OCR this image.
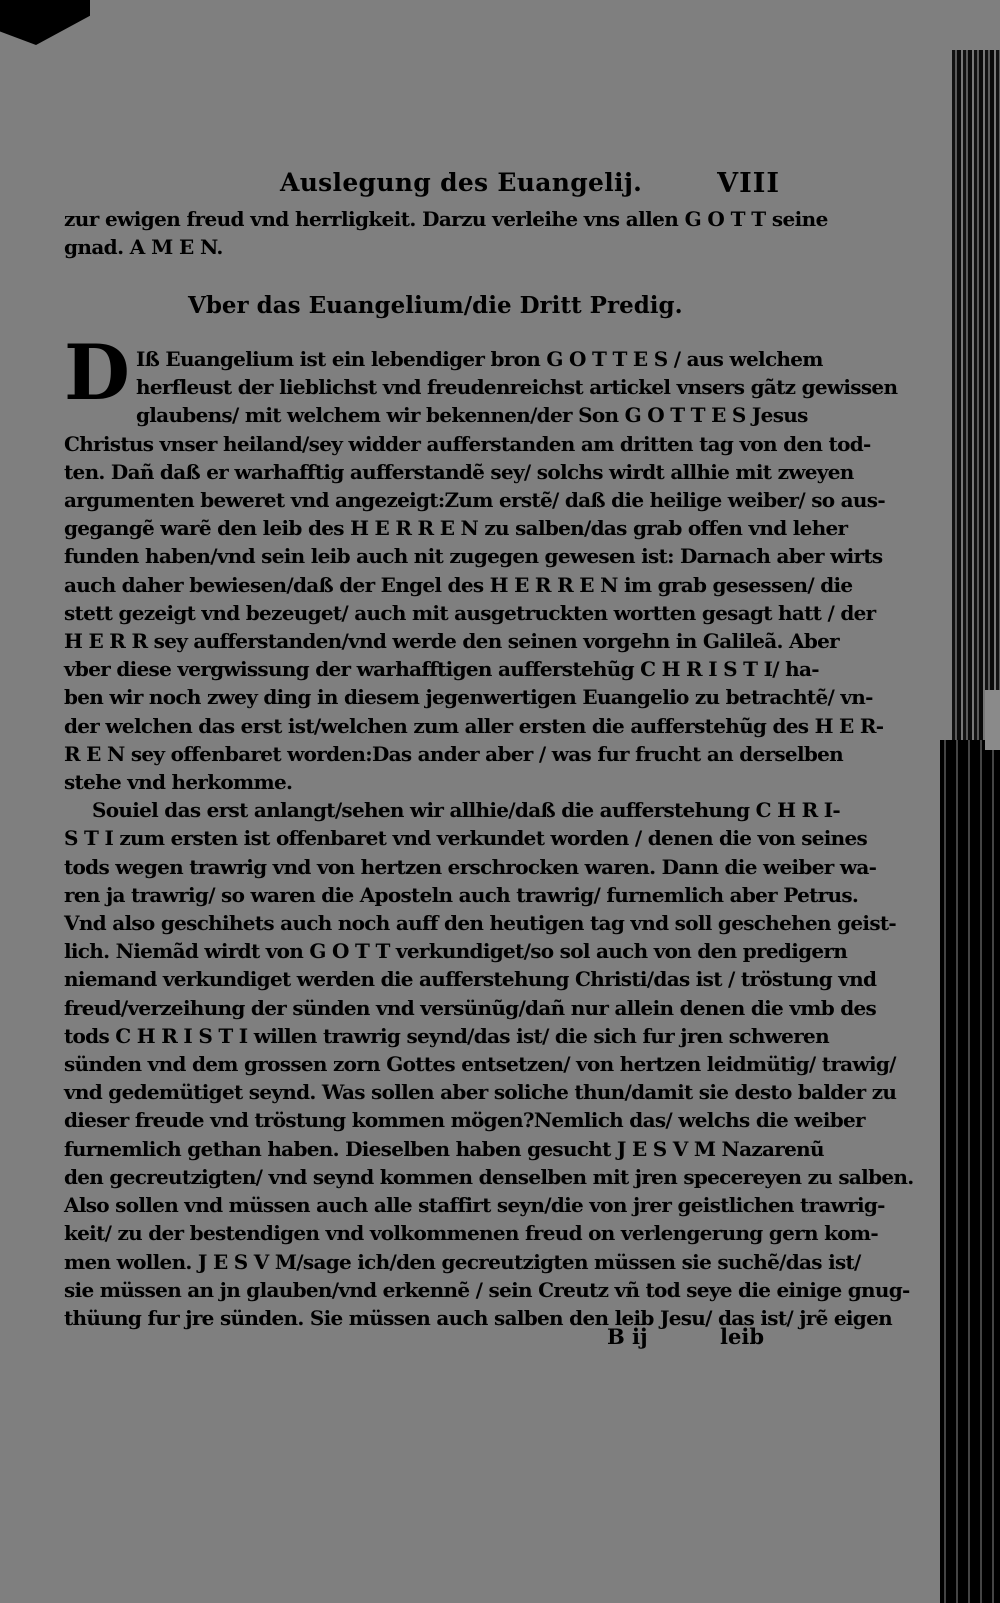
Auslegung des Euangelij.	VIII
zur ewigen freud vnd herrligkeit. Darzu verleihe vns allen G O T T seine
gnad. A M E N.
Vber das Euangelium/die Dritt Predig.
D Iß Euangelium ist ein lebendiger bron G O T T E S / aus welchem
herfleust der lieblichst vnd freudenreichst artickel vnsers gãtz gewissen
glaubens/ mit welchem wir bekennen/der Son G O T T E S Jesus
Christus vnser heiland/sey widder aufferstanden am dritten tag von den tod-
ten. Dañ daß er warhafftig aufferstandẽ sey/ solchs wirdt allhie mit zweyen
argumenten beweret vnd angezeigt:Zum erstẽ/ daß die heilige weiber/ so aus-
gegangẽ warẽ den leib des H E R R E N zu salben/das grab offen vnd leher
funden haben/vnd sein leib auch nit zugegen gewesen ist: Darnach aber wirts
auch daher bewiesen/daß der Engel des H E R R E N im grab gesessen/ die
stett gezeigt vnd bezeuget/ auch mit ausgetruckten wortten gesagt hatt / der
H E R R sey aufferstanden/vnd werde den seinen vorgehn in Galileã. Aber
vber diese vergwissung der warhafftigen aufferstehũg C H R I S T I/ ha-
ben wir noch zwey ding in diesem jegenwertigen Euangelio zu betrachtẽ/ vn-
der welchen das erst ist/welchen zum aller ersten die aufferstehũg des H E R-
R E N sey offenbaret worden:Das ander aber / was fur frucht an derselben
stehe vnd herkomme.
Souiel das erst anlangt/sehen wir allhie/daß die aufferstehung C H R I-
S T I zum ersten ist offenbaret vnd verkundet worden / denen die von seines
tods wegen trawrig vnd von hertzen erschrocken waren. Dann die weiber wa-
ren ja trawrig/ so waren die Aposteln auch trawrig/ furnemlich aber Petrus.
Vnd also geschihets auch noch auff den heutigen tag vnd soll geschehen geist-
lich. Niemãd wirdt von G O T T verkundiget/so sol auch von den predigern
niemand verkundiget werden die aufferstehung Christi/das ist / tröstung vnd
freud/verzeihung der sünden vnd versünũg/dañ nur allein denen die vmb des
tods C H R I S T I willen trawrig seynd/das ist/ die sich fur jren schweren
sünden vnd dem grossen zorn Gottes entsetzen/ von hertzen leidmütig/ trawig/
vnd gedemütiget seynd. Was sollen aber soliche thun/damit sie desto balder zu
dieser freude vnd tröstung kommen mögen?Nemlich das/ welchs die weiber
furnemlich gethan haben. Dieselben haben gesucht J E S V M Nazarenũ
den gecreutzigten/ vnd seynd kommen denselben mit jren specereyen zu salben.
Also sollen vnd müssen auch alle staffirt seyn/die von jrer geistlichen trawrig-
keit/ zu der bestendigen vnd volkommenen freud on verlengerung gern kom-
men wollen. J E S V M/sage ich/den gecreutzigten müssen sie suchẽ/das ist/
sie müssen an jn glauben/vnd erkennẽ / sein Creutz vñ tod seye die einige gnug-
thüung fur jre sünden. Sie müssen auch salben den leib Jesu/ das ist/ jrẽ eigen
B ij	leib
